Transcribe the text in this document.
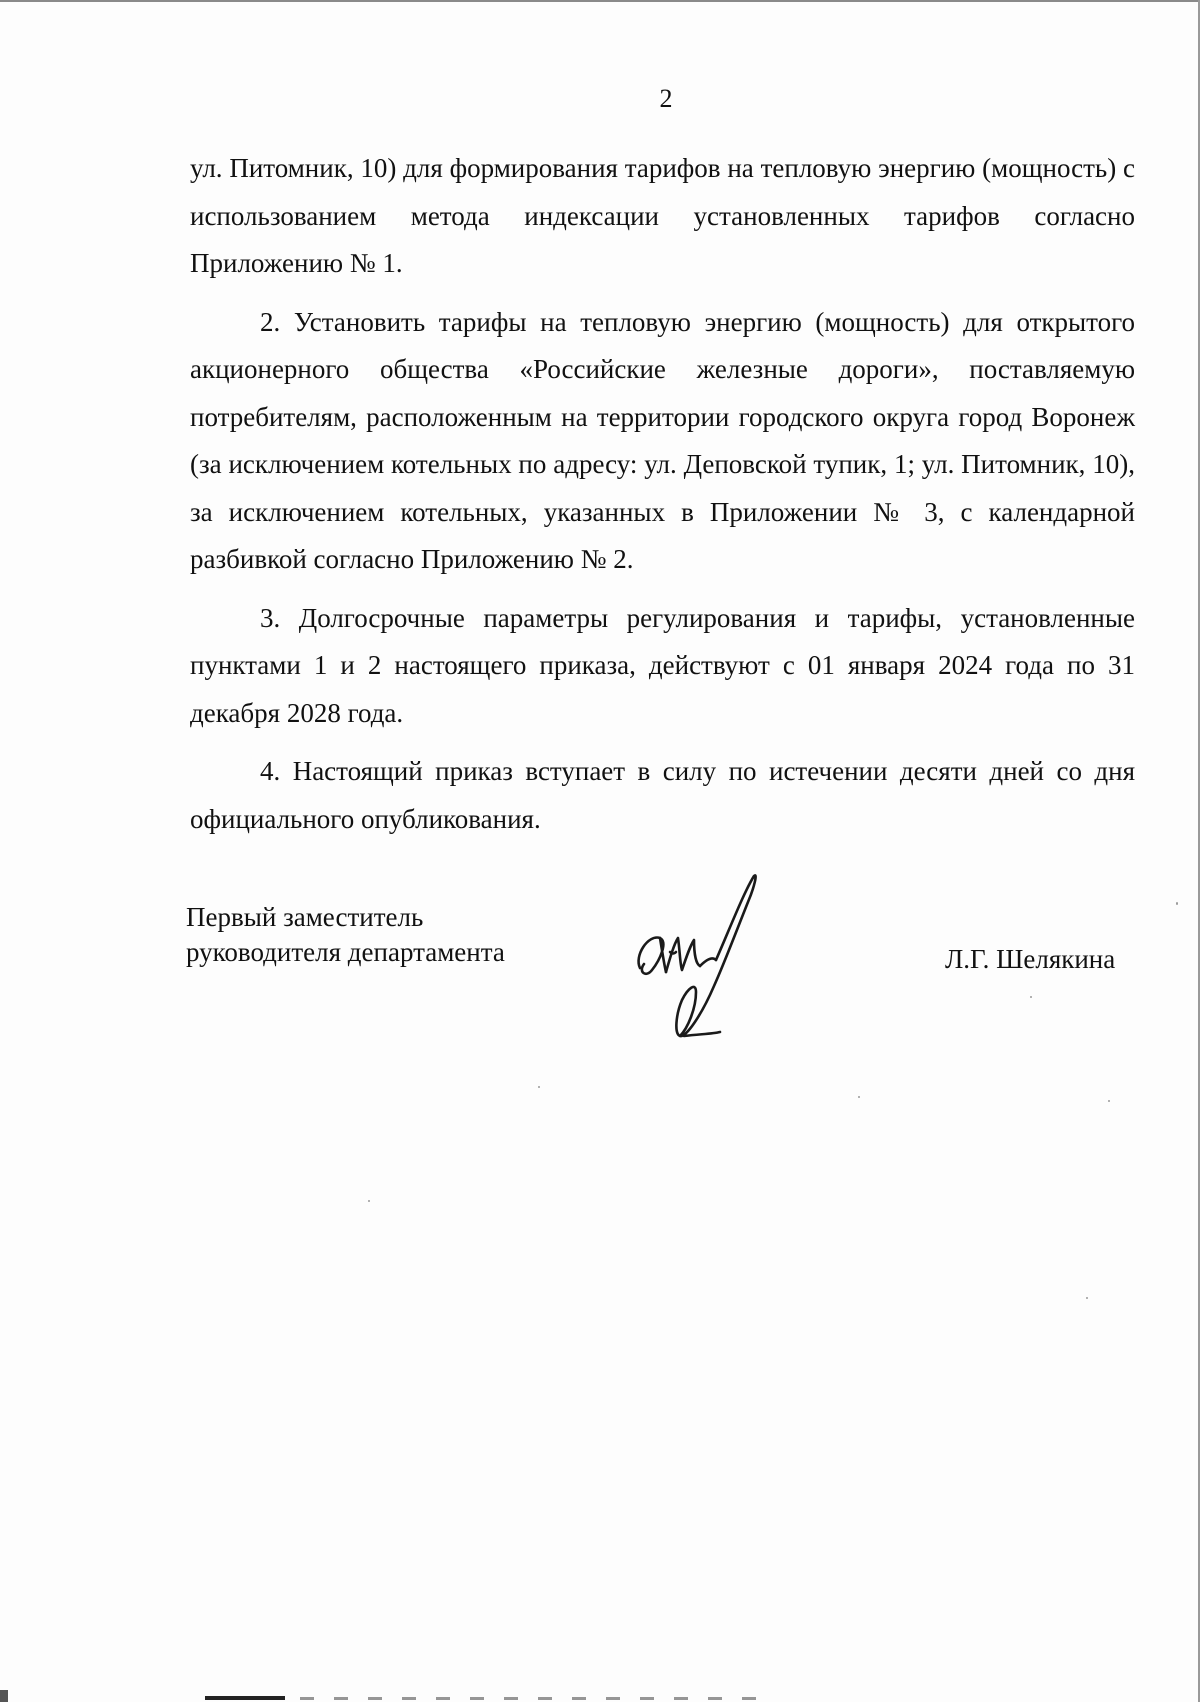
2

ул. Питомник, 10) для формирования тарифов на тепловую энергию (мощность) с использованием метода индексации установленных тарифов согласно Приложению № 1.

2. Установить тарифы на тепловую энергию (мощность) для открытого акционерного общества «Российские железные дороги», поставляемую потребителям, расположенным на территории городского округа город Воронеж (за исключением котельных по адресу: ул. Деповской тупик, 1; ул. Питомник, 10), за исключением котельных, указанных в Приложении № 3, с календарной разбивкой согласно Приложению № 2.

3. Долгосрочные параметры регулирования и тарифы, установленные пунктами 1 и 2 настоящего приказа, действуют с 01 января 2024 года по 31 декабря 2028 года.

4. Настоящий приказ вступает в силу по истечении десяти дней со дня официального опубликования.

Первый заместитель
руководителя департамента	Л.Г. Шелякина
